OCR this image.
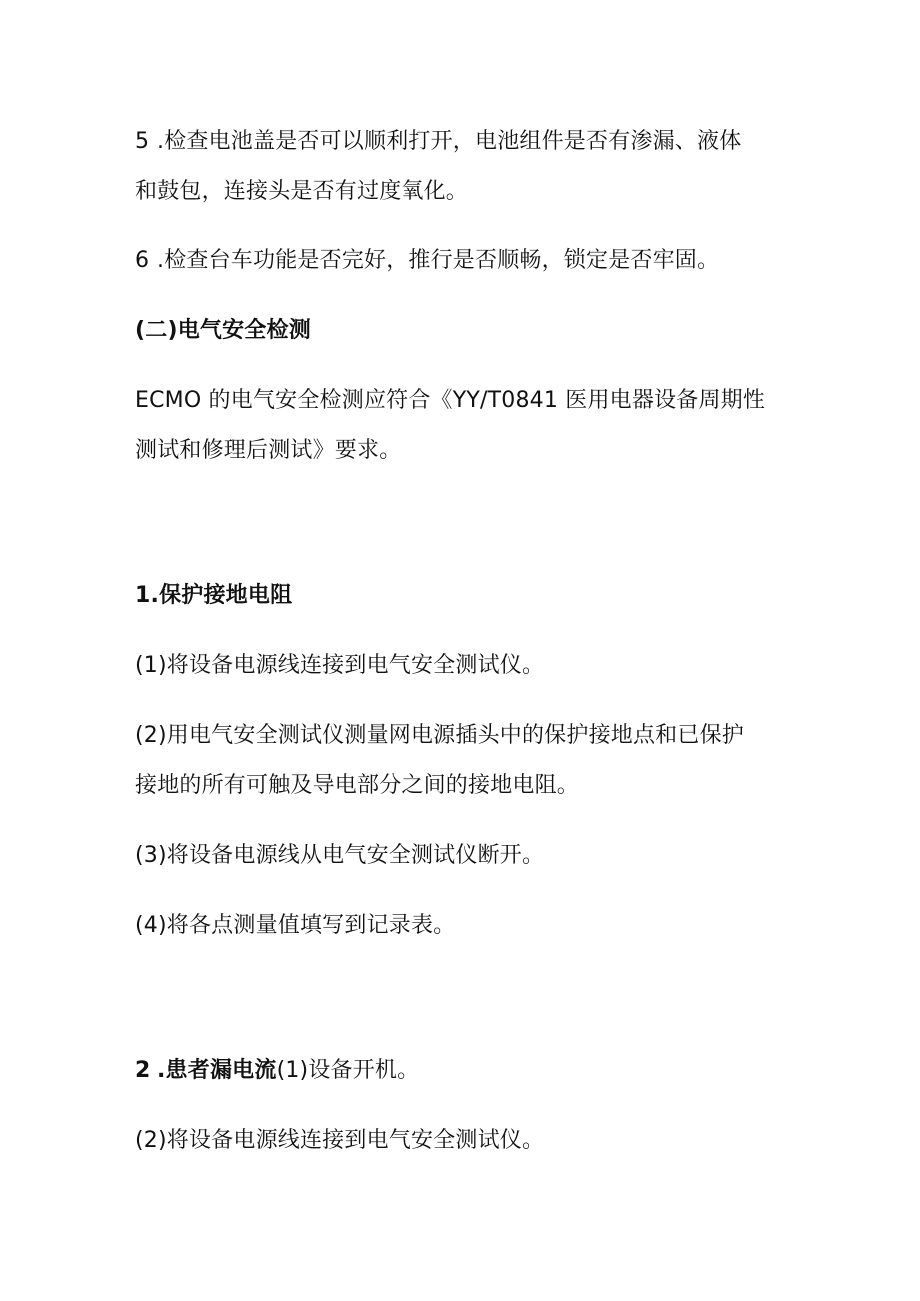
5 .检查电池盖是否可以顺利打开，电池组件是否有渗漏、液体
和鼓包，连接头是否有过度氧化。
6 .检查台车功能是否完好，推行是否顺畅，锁定是否牢固。
(二)电气安全检测
ECMO 的电气安全检测应符合《YY/T0841 医用电器设备周期性
测试和修理后测试》要求。
1.保护接地电阻
(1)将设备电源线连接到电气安全测试仪。
(2)用电气安全测试仪测量网电源插头中的保护接地点和已保护
接地的所有可触及导电部分之间的接地电阻。
(3)将设备电源线从电气安全测试仪断开。
(4)将各点测量值填写到记录表。
2 .患者漏电流(1)设备开机。
(2)将设备电源线连接到电气安全测试仪。
